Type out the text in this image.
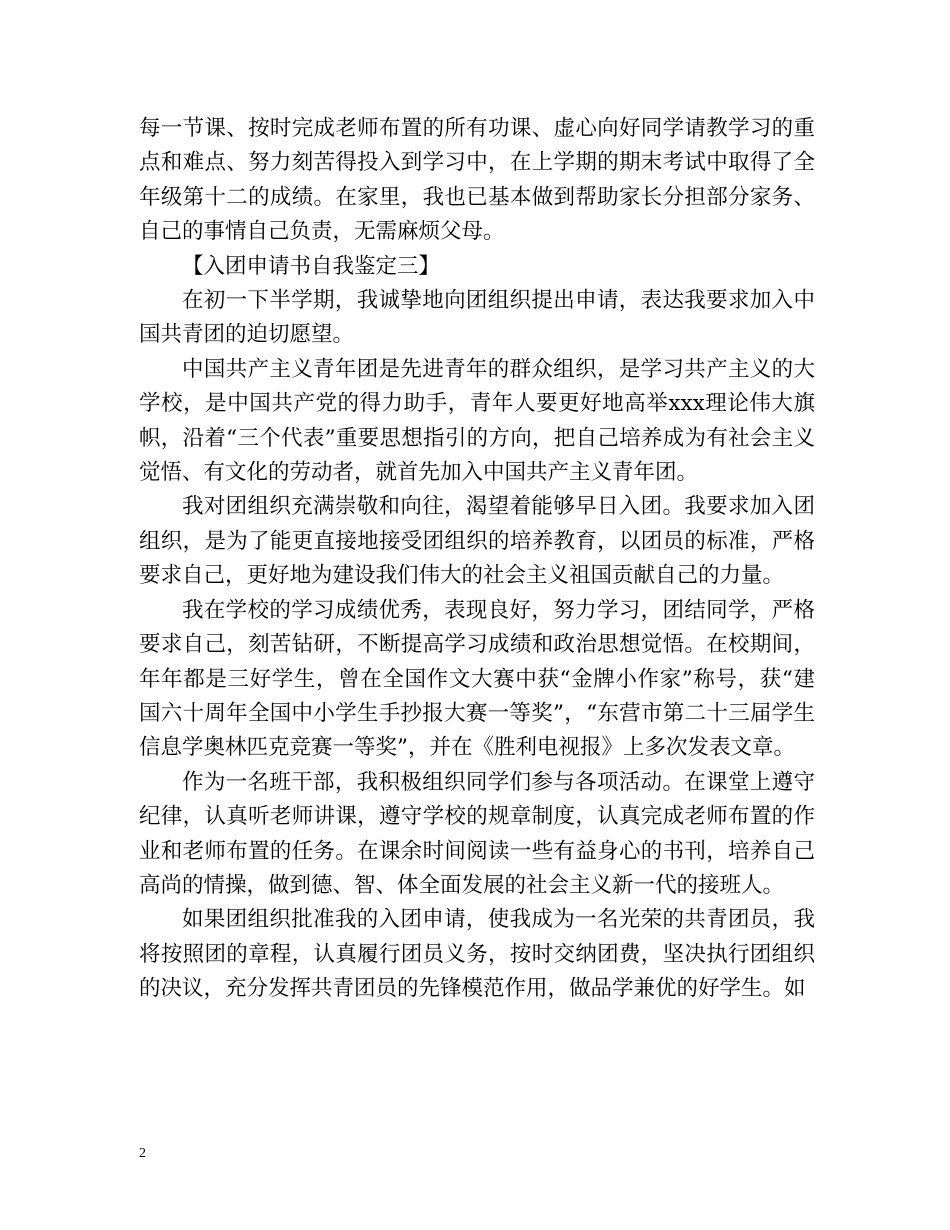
每一节课、按时完成老师布置的所有功课、虚心向好同学请教学习的重点和难点、努力刻苦得投入到学习中，在上学期的期末考试中取得了全年级第十二的成绩。在家里，我也已基本做到帮助家长分担部分家务、自己的事情自己负责，无需麻烦父母。

【入团申请书自我鉴定三】

在初一下半学期，我诚挚地向团组织提出申请，表达我要求加入中国共青团的迫切愿望。

中国共产主义青年团是先进青年的群众组织，是学习共产主义的大学校，是中国共产党的得力助手，青年人要更好地高举xxx理论伟大旗帜，沿着“三个代表”重要思想指引的方向，把自己培养成为有社会主义觉悟、有文化的劳动者，就首先加入中国共产主义青年团。

我对团组织充满崇敬和向往，渴望着能够早日入团。我要求加入团组织，是为了能更直接地接受团组织的培养教育，以团员的标准，严格要求自己，更好地为建设我们伟大的社会主义祖国贡献自己的力量。

我在学校的学习成绩优秀，表现良好，努力学习，团结同学，严格要求自己，刻苦钻研，不断提高学习成绩和政治思想觉悟。在校期间，年年都是三好学生，曾在全国作文大赛中获“金牌小作家”称号，获“建国六十周年全国中小学生手抄报大赛一等奖”，“东营市第二十三届学生信息学奥林匹克竞赛一等奖”，并在《胜利电视报》上多次发表文章。

作为一名班干部，我积极组织同学们参与各项活动。在课堂上遵守纪律，认真听老师讲课，遵守学校的规章制度，认真完成老师布置的作业和老师布置的任务。在课余时间阅读一些有益身心的书刊，培养自己高尚的情操，做到德、智、体全面发展的社会主义新一代的接班人。

如果团组织批准我的入团申请，使我成为一名光荣的共青团员，我将按照团的章程，认真履行团员义务，按时交纳团费，坚决执行团组织的决议，充分发挥共青团员的先锋模范作用，做品学兼优的好学生。如

2
